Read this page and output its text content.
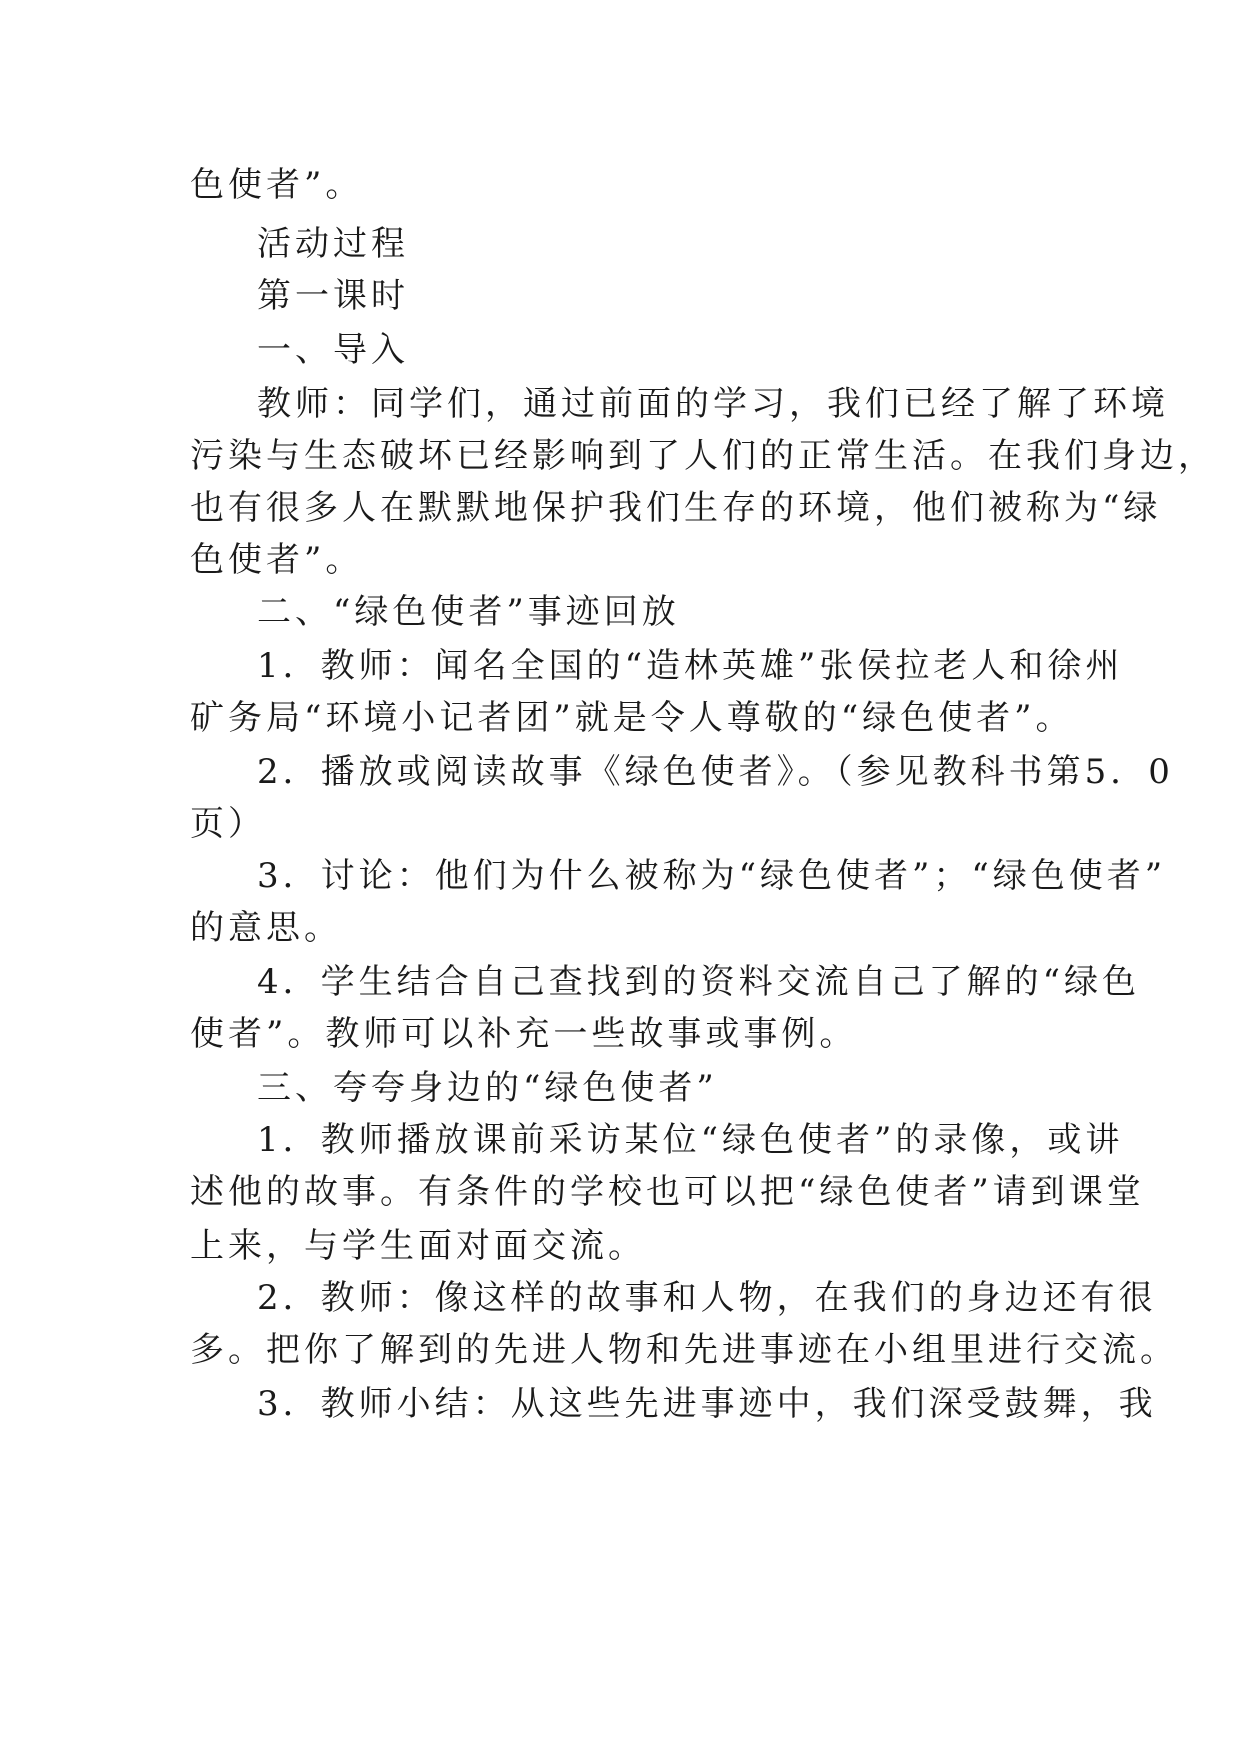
色使者”。
活动过程
第一课时
一、导入
教师：同学们，通过前面的学习，我们已经了解了环境
污染与生态破坏已经影响到了人们的正常生活。在我们身边，
也有很多人在默默地保护我们生存的环境，他们被称为“绿
色使者”。
二、“绿色使者”事迹回放
1．教师：闻名全国的“造林英雄”张侯拉老人和徐州
矿务局“环境小记者团”就是令人尊敬的“绿色使者”。
2．播放或阅读故事《绿色使者》。（参见教科书第5．0
页）
3．讨论：他们为什么被称为“绿色使者”；“绿色使者”
的意思。
4．学生结合自己查找到的资料交流自己了解的“绿色
使者”。教师可以补充一些故事或事例。
三、夸夸身边的“绿色使者”
1．教师播放课前采访某位“绿色使者”的录像，或讲
述他的故事。有条件的学校也可以把“绿色使者”请到课堂
上来，与学生面对面交流。
2．教师：像这样的故事和人物，在我们的身边还有很
多。把你了解到的先进人物和先进事迹在小组里进行交流。
3．教师小结：从这些先进事迹中，我们深受鼓舞，我
